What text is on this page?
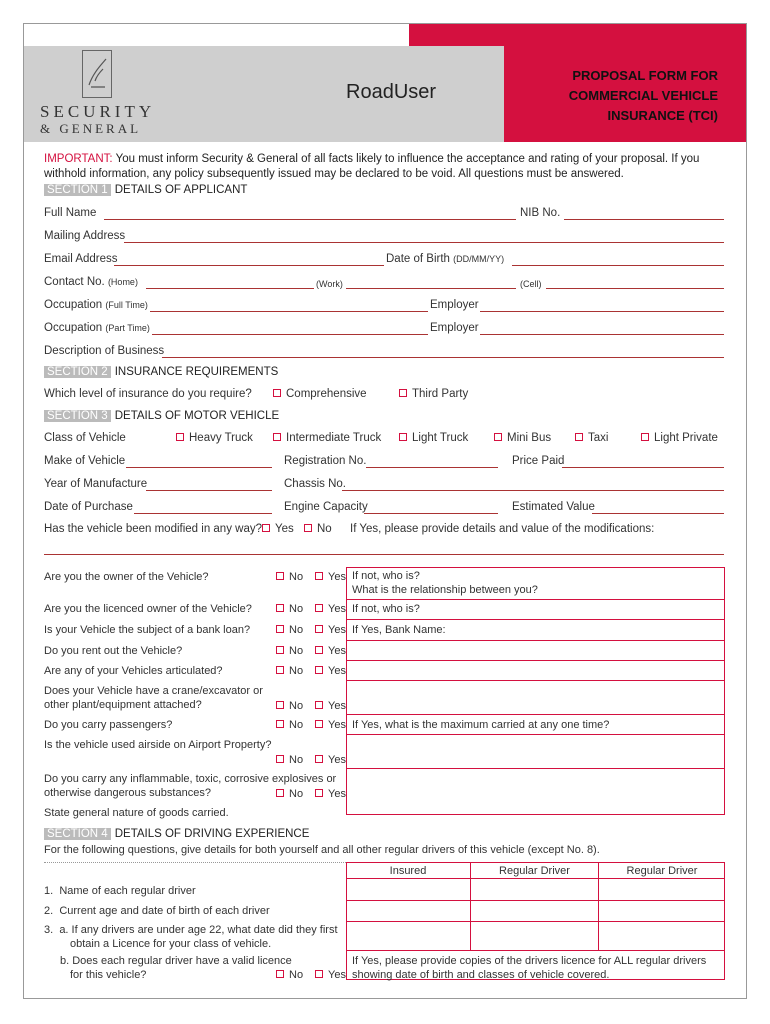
SECURITY
& GENERAL
RoadUser
PROPOSAL FORM FOR
COMMERCIAL VEHICLE
INSURANCE (TCI)
IMPORTANT: You must inform Security & General of all facts likely to influence the acceptance and rating of your proposal. If you withhold information, any policy subsequently issued may be declared to be void. All questions must be answered.
SECTION 1 DETAILS OF APPLICANT
Full Name	NIB No.
Mailing Address
Email Address	Date of Birth (DD/MM/YY)
Contact No. (Home)	(Work)	(Cell)
Occupation (Full Time)	Employer
Occupation (Part Time)	Employer
Description of Business
SECTION 2 INSURANCE REQUIREMENTS
Which level of insurance do you require?	Comprehensive	Third Party
SECTION 3 DETAILS OF MOTOR VEHICLE
Class of Vehicle	Heavy Truck	Intermediate Truck	Light Truck	Mini Bus	Taxi	Light Private
Make of Vehicle	Registration No.	Price Paid
Year of Manufacture	Chassis No.
Date of Purchase	Engine Capacity	Estimated Value
Has the vehicle been modified in any way?	Yes	No If Yes, please provide details and value of the modifications:
Are you the owner of the Vehicle?	No	Yes If not, who is?
What is the relationship between you?
Are you the licenced owner of the Vehicle?	No	Yes If not, who is?
Is your Vehicle the subject of a bank loan?	No	Yes If Yes, Bank Name:
Do you rent out the Vehicle?	No	Yes
Are any of your Vehicles articulated?	No	Yes
Does your Vehicle have a crane/excavator or
other plant/equipment attached?	No	Yes
Do you carry passengers?	No	Yes If Yes, what is the maximum carried at any one time?
Is the vehicle used airside on Airport Property?
No	Yes
Do you carry any inflammable, toxic, corrosive explosives or
otherwise dangerous substances?	No	Yes
State general nature of goods carried.
SECTION 4 DETAILS OF DRIVING EXPERIENCE
For the following questions, give details for both yourself and all other regular drivers of this vehicle (except No. 8).
Insured	Regular Driver	Regular Driver
1. Name of each regular driver
2. Current age and date of birth of each driver
3. a. If any drivers are under age 22, what date did they first
obtain a Licence for your class of vehicle.
b. Does each regular driver have a valid licence
for this vehicle?	No	Yes
If Yes, please provide copies of the drivers licence for ALL regular drivers
showing date of birth and classes of vehicle covered.
